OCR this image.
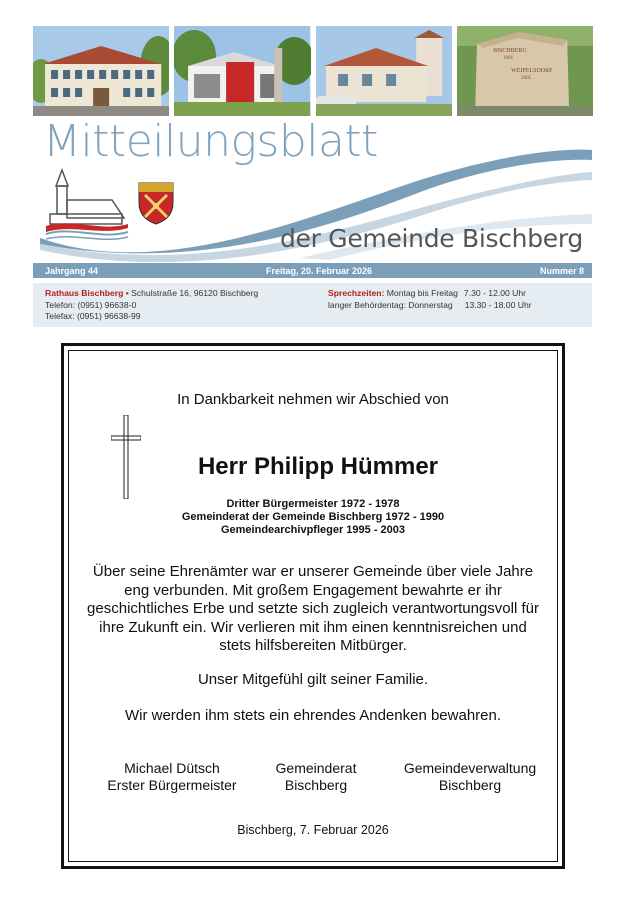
BISCHBERG
1001
WEIPELSDORF
2005
Mitteilungsblatt
der Gemeinde Bischberg
Jahrgang 44	Freitag, 20. Februar 2026	Nummer 8
Rathaus Bischberg • Schulstraße 16, 96120 Bischberg
Telefon: (0951) 96638-0
Telefax: (0951) 96638-99
Sprechzeiten: Montag bis Freitag 7.30 - 12.00 Uhr
langer Behördentag: Donnerstag 13.30 - 18.00 Uhr
In Dankbarkeit nehmen wir Abschied von
Herr Philipp Hümmer
Dritter Bürgermeister 1972 - 1978
Gemeinderat der Gemeinde Bischberg 1972 - 1990
Gemeindearchivpfleger 1995 - 2003
Über seine Ehrenämter war er unserer Gemeinde über viele Jahre
eng verbunden. Mit großem Engagement bewahrte er ihr
geschichtliches Erbe und setzte sich zugleich verantwortungsvoll für
ihre Zukunft ein. Wir verlieren mit ihm einen kenntnisreichen und
stets hilfsbereiten Mitbürger.
Unser Mitgefühl gilt seiner Familie.
Wir werden ihm stets ein ehrendes Andenken bewahren.
Michael Dütsch
Erster Bürgermeister
Gemeinderat
Bischberg
Gemeindeverwaltung
Bischberg
Bischberg, 7. Februar 2026
